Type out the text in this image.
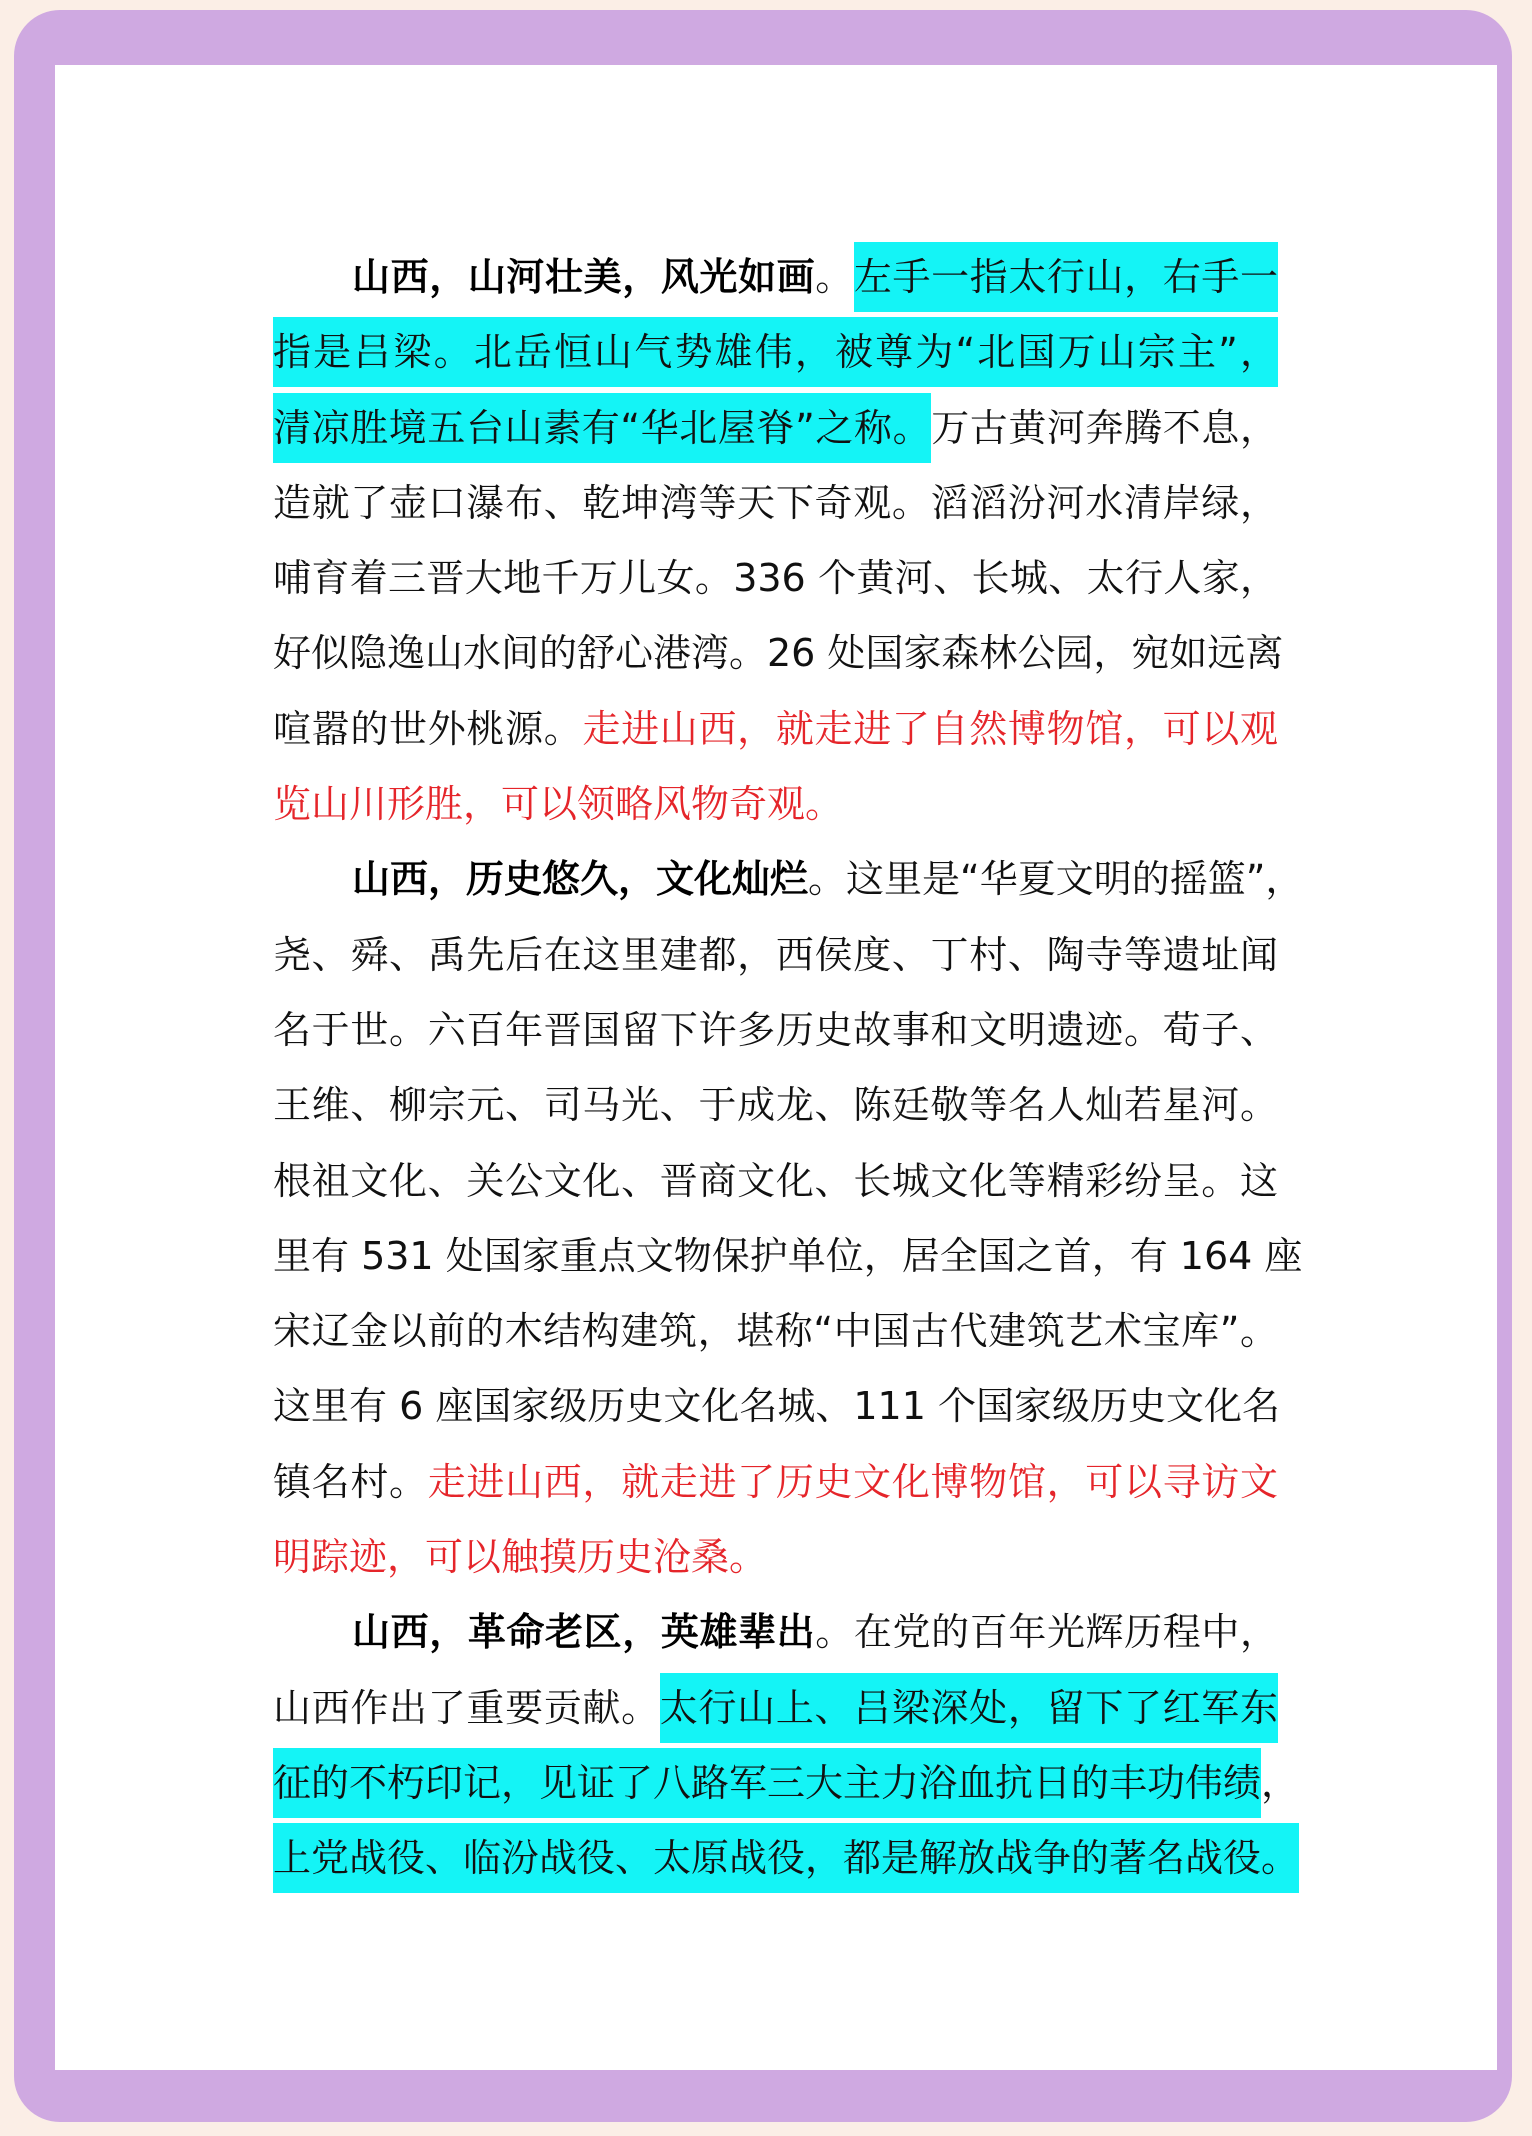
山西，山河壮美，风光如画。左手一指太行山，右手一
指是吕梁。北岳恒山气势雄伟，被尊为“北国万山宗主”，
清凉胜境五台山素有“华北屋脊”之称。万古黄河奔腾不息，
造就了壶口瀑布、乾坤湾等天下奇观。滔滔汾河水清岸绿，
哺育着三晋大地千万儿女。336 个黄河、长城、太行人家，
好似隐逸山水间的舒心港湾。26 处国家森林公园，宛如远离
喧嚣的世外桃源。走进山西，就走进了自然博物馆，可以观
览山川形胜，可以领略风物奇观。
山西，历史悠久，文化灿烂。这里是“华夏文明的摇篮”，
尧、舜、禹先后在这里建都，西侯度、丁村、陶寺等遗址闻
名于世。六百年晋国留下许多历史故事和文明遗迹。荀子、
王维、柳宗元、司马光、于成龙、陈廷敬等名人灿若星河。
根祖文化、关公文化、晋商文化、长城文化等精彩纷呈。这
里有 531 处国家重点文物保护单位，居全国之首，有 164 座
宋辽金以前的木结构建筑，堪称“中国古代建筑艺术宝库”。
这里有 6 座国家级历史文化名城、111 个国家级历史文化名
镇名村。走进山西，就走进了历史文化博物馆，可以寻访文
明踪迹，可以触摸历史沧桑。
山西，革命老区，英雄辈出。在党的百年光辉历程中，
山西作出了重要贡献。太行山上、吕梁深处，留下了红军东
征的不朽印记，见证了八路军三大主力浴血抗日的丰功伟绩，
上党战役、临汾战役、太原战役，都是解放战争的著名战役。
